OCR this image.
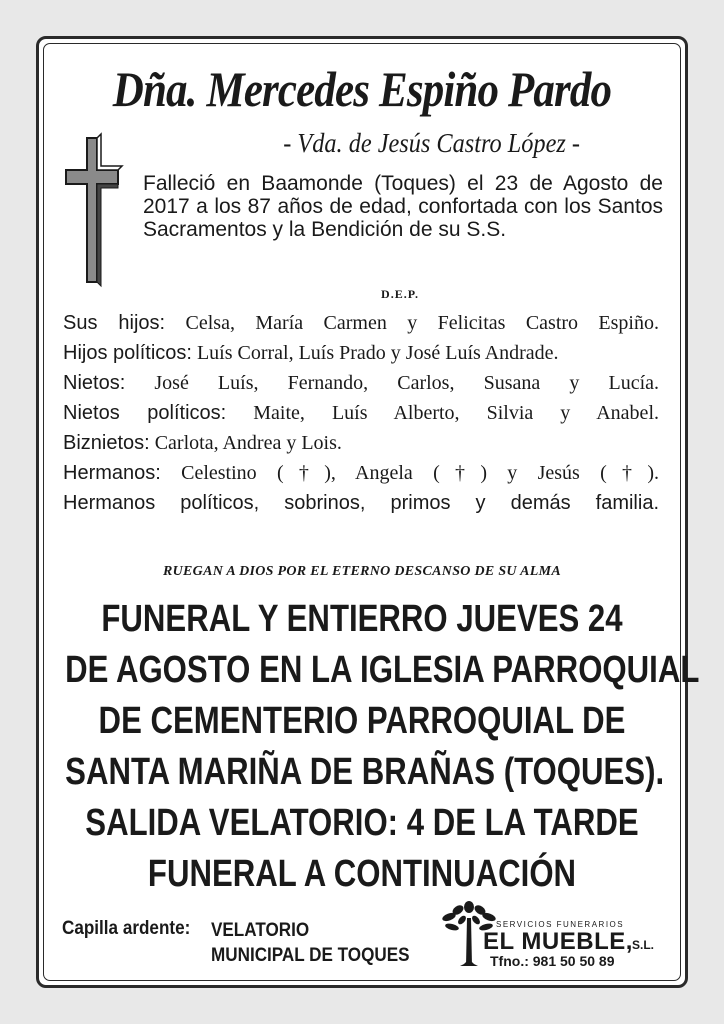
Dña. Mercedes Espiño Pardo
- Vda. de Jesús Castro López -
Falleció en Baamonde (Toques) el 23 de Agosto de 2017 a los 87 años de edad, confortada con los Santos Sacramentos y la Bendición de su S.S.
D.E.P.
Sus hijos: Celsa, María Carmen y Felicitas Castro Espiño.
Hijos políticos: Luís Corral, Luís Prado y José Luís Andrade.
Nietos: José Luís, Fernando, Carlos, Susana y Lucía.
Nietos políticos: Maite, Luís Alberto, Silvia y Anabel.
Biznietos: Carlota, Andrea y Lois.
Hermanos: Celestino (†), Angela (†) y Jesús (†).
Hermanos políticos, sobrinos, primos y demás familia.
RUEGAN A DIOS POR EL ETERNO DESCANSO DE SU ALMA
FUNERAL Y ENTIERRO JUEVES 24
DE AGOSTO EN LA IGLESIA PARROQUIAL
DE CEMENTERIO PARROQUIAL DE
SANTA MARIÑA DE BRAÑAS (TOQUES).
SALIDA VELATORIO: 4 DE LA TARDE
FUNERAL A CONTINUACIÓN
Capilla ardente: VELATORIO
MUNICIPAL DE TOQUES
SERVICIOS FUNERARIOS
EL MUEBLE, S.L.
Tfno.: 981 50 50 89
